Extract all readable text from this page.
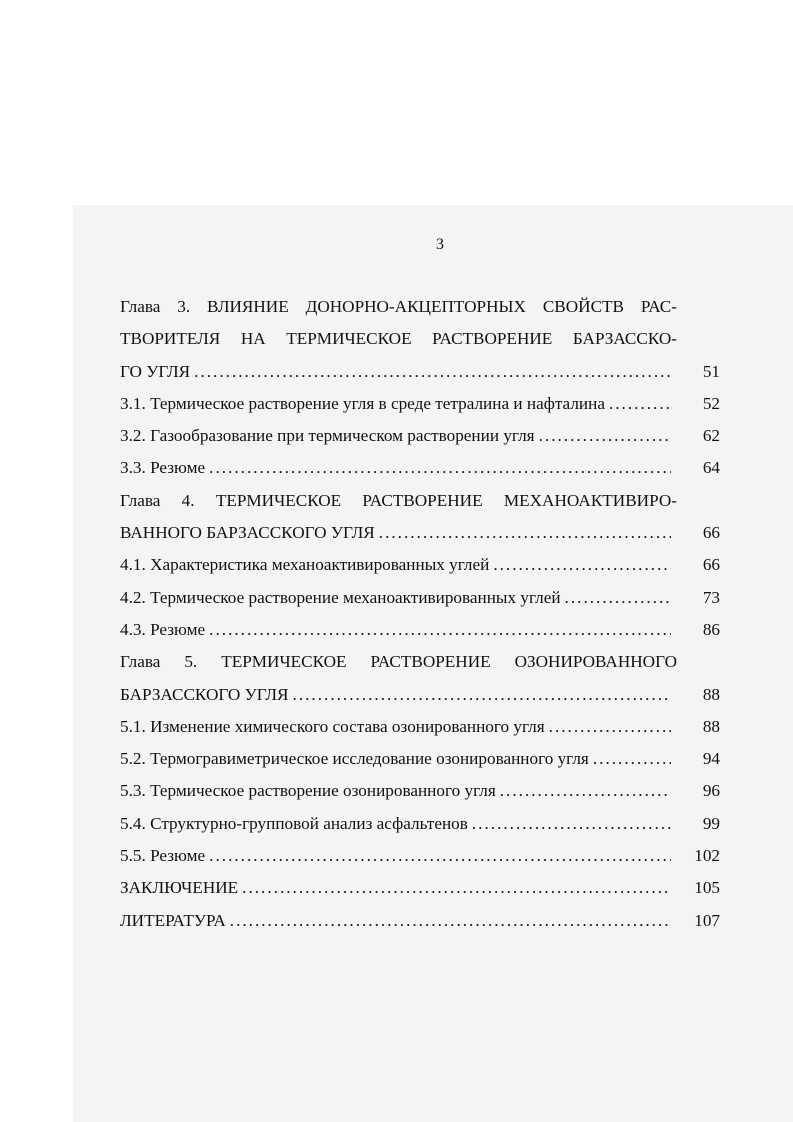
3
Глава 3. ВЛИЯНИЕ ДОНОРНО-АКЦЕПТОРНЫХ СВОЙСТВ РАС-
ТВОРИТЕЛЯ НА ТЕРМИЧЕСКОЕ РАСТВОРЕНИЕ БАРЗАССКО-
ГО УГЛЯ .....	51
3.1. Термическое растворение угля в среде тетралина и нафталина .....	52
3.2. Газообразование при термическом растворении угля .....	62
3.3. Резюме .....	64
Глава 4. ТЕРМИЧЕСКОЕ РАСТВОРЕНИЕ МЕХАНОАКТИВИРО-
ВАННОГО БАРЗАССКОГО УГЛЯ .....	66
4.1. Характеристика механоактивированных углей .....	66
4.2. Термическое растворение механоактивированных углей .....	73
4.3. Резюме .....	86
Глава 5. ТЕРМИЧЕСКОЕ РАСТВОРЕНИЕ ОЗОНИРОВАННОГО
БАРЗАССКОГО УГЛЯ .....	88
5.1. Изменение химического состава озонированного угля .....	88
5.2. Термогравиметрическое исследование озонированного угля .....	94
5.3. Термическое растворение озонированного угля .....	96
5.4. Структурно-групповой анализ асфальтенов .....	99
5.5. Резюме .....	102
ЗАКЛЮЧЕНИЕ .....	105
ЛИТЕРАТУРА .....	107
